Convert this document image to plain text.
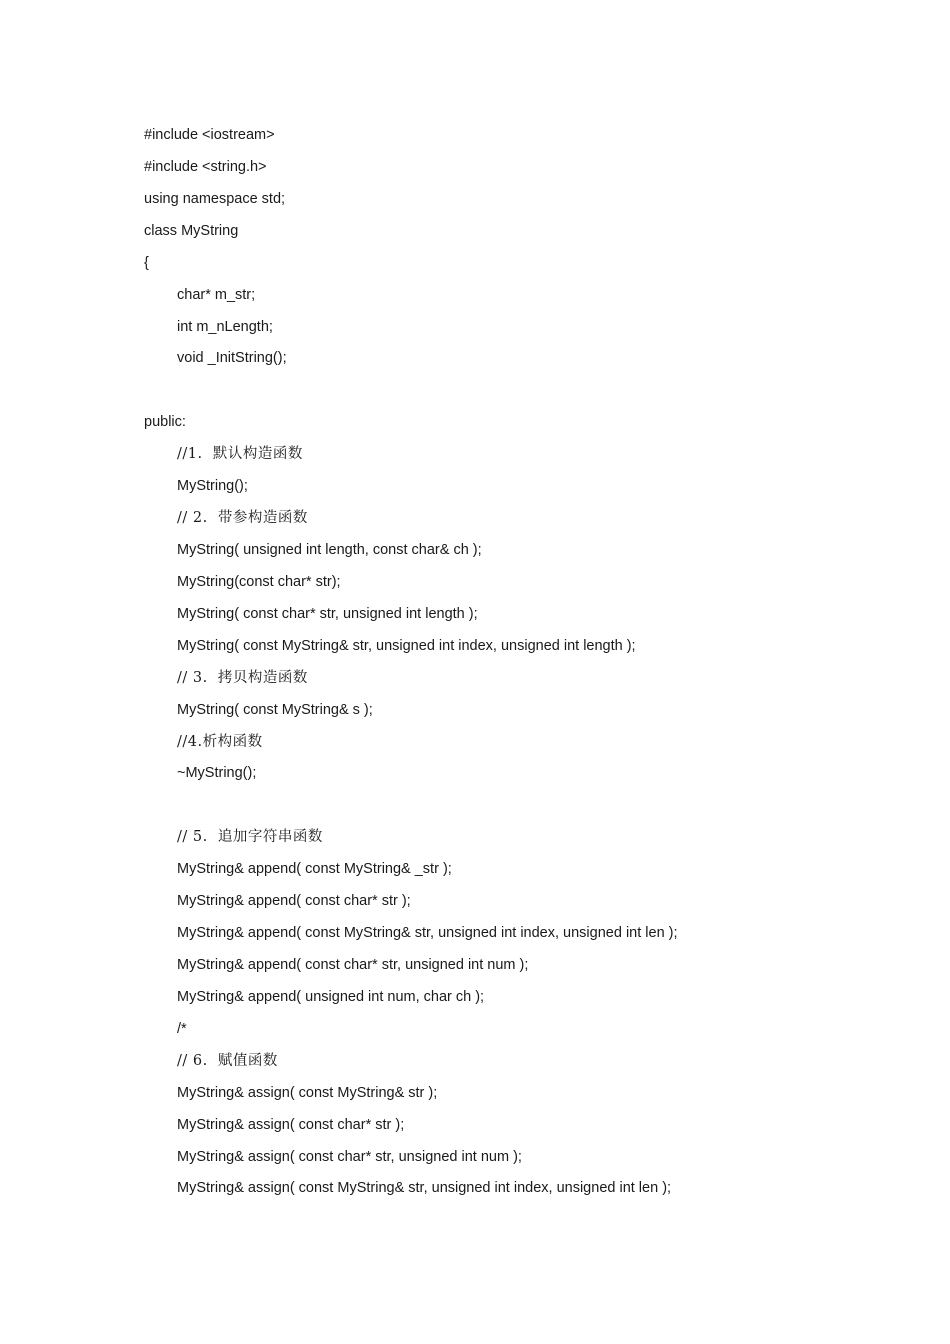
#include <iostream>
#include <string.h>
using namespace std;
class MyString
{
char* m_str;
int m_nLength;
void _InitString();
public:
//1.  默认构造函数
MyString();
// 2.  带参构造函数
MyString( unsigned int length, const char& ch );
MyString(const char* str);
MyString( const char* str, unsigned int length );
MyString( const MyString& str, unsigned int index, unsigned int length );
// 3.  拷贝构造函数
MyString( const MyString& s );
//4.析构函数
~MyString();
// 5.  追加字符串函数
MyString& append( const MyString& _str );
MyString& append( const char* str );
MyString& append( const MyString& str, unsigned int index, unsigned int len );
MyString& append( const char* str, unsigned int num );
MyString& append( unsigned int num, char ch );
/*
// 6.  赋值函数
MyString& assign( const MyString& str );
MyString& assign( const char* str );
MyString& assign( const char* str, unsigned int num );
MyString& assign( const MyString& str, unsigned int index, unsigned int len );
